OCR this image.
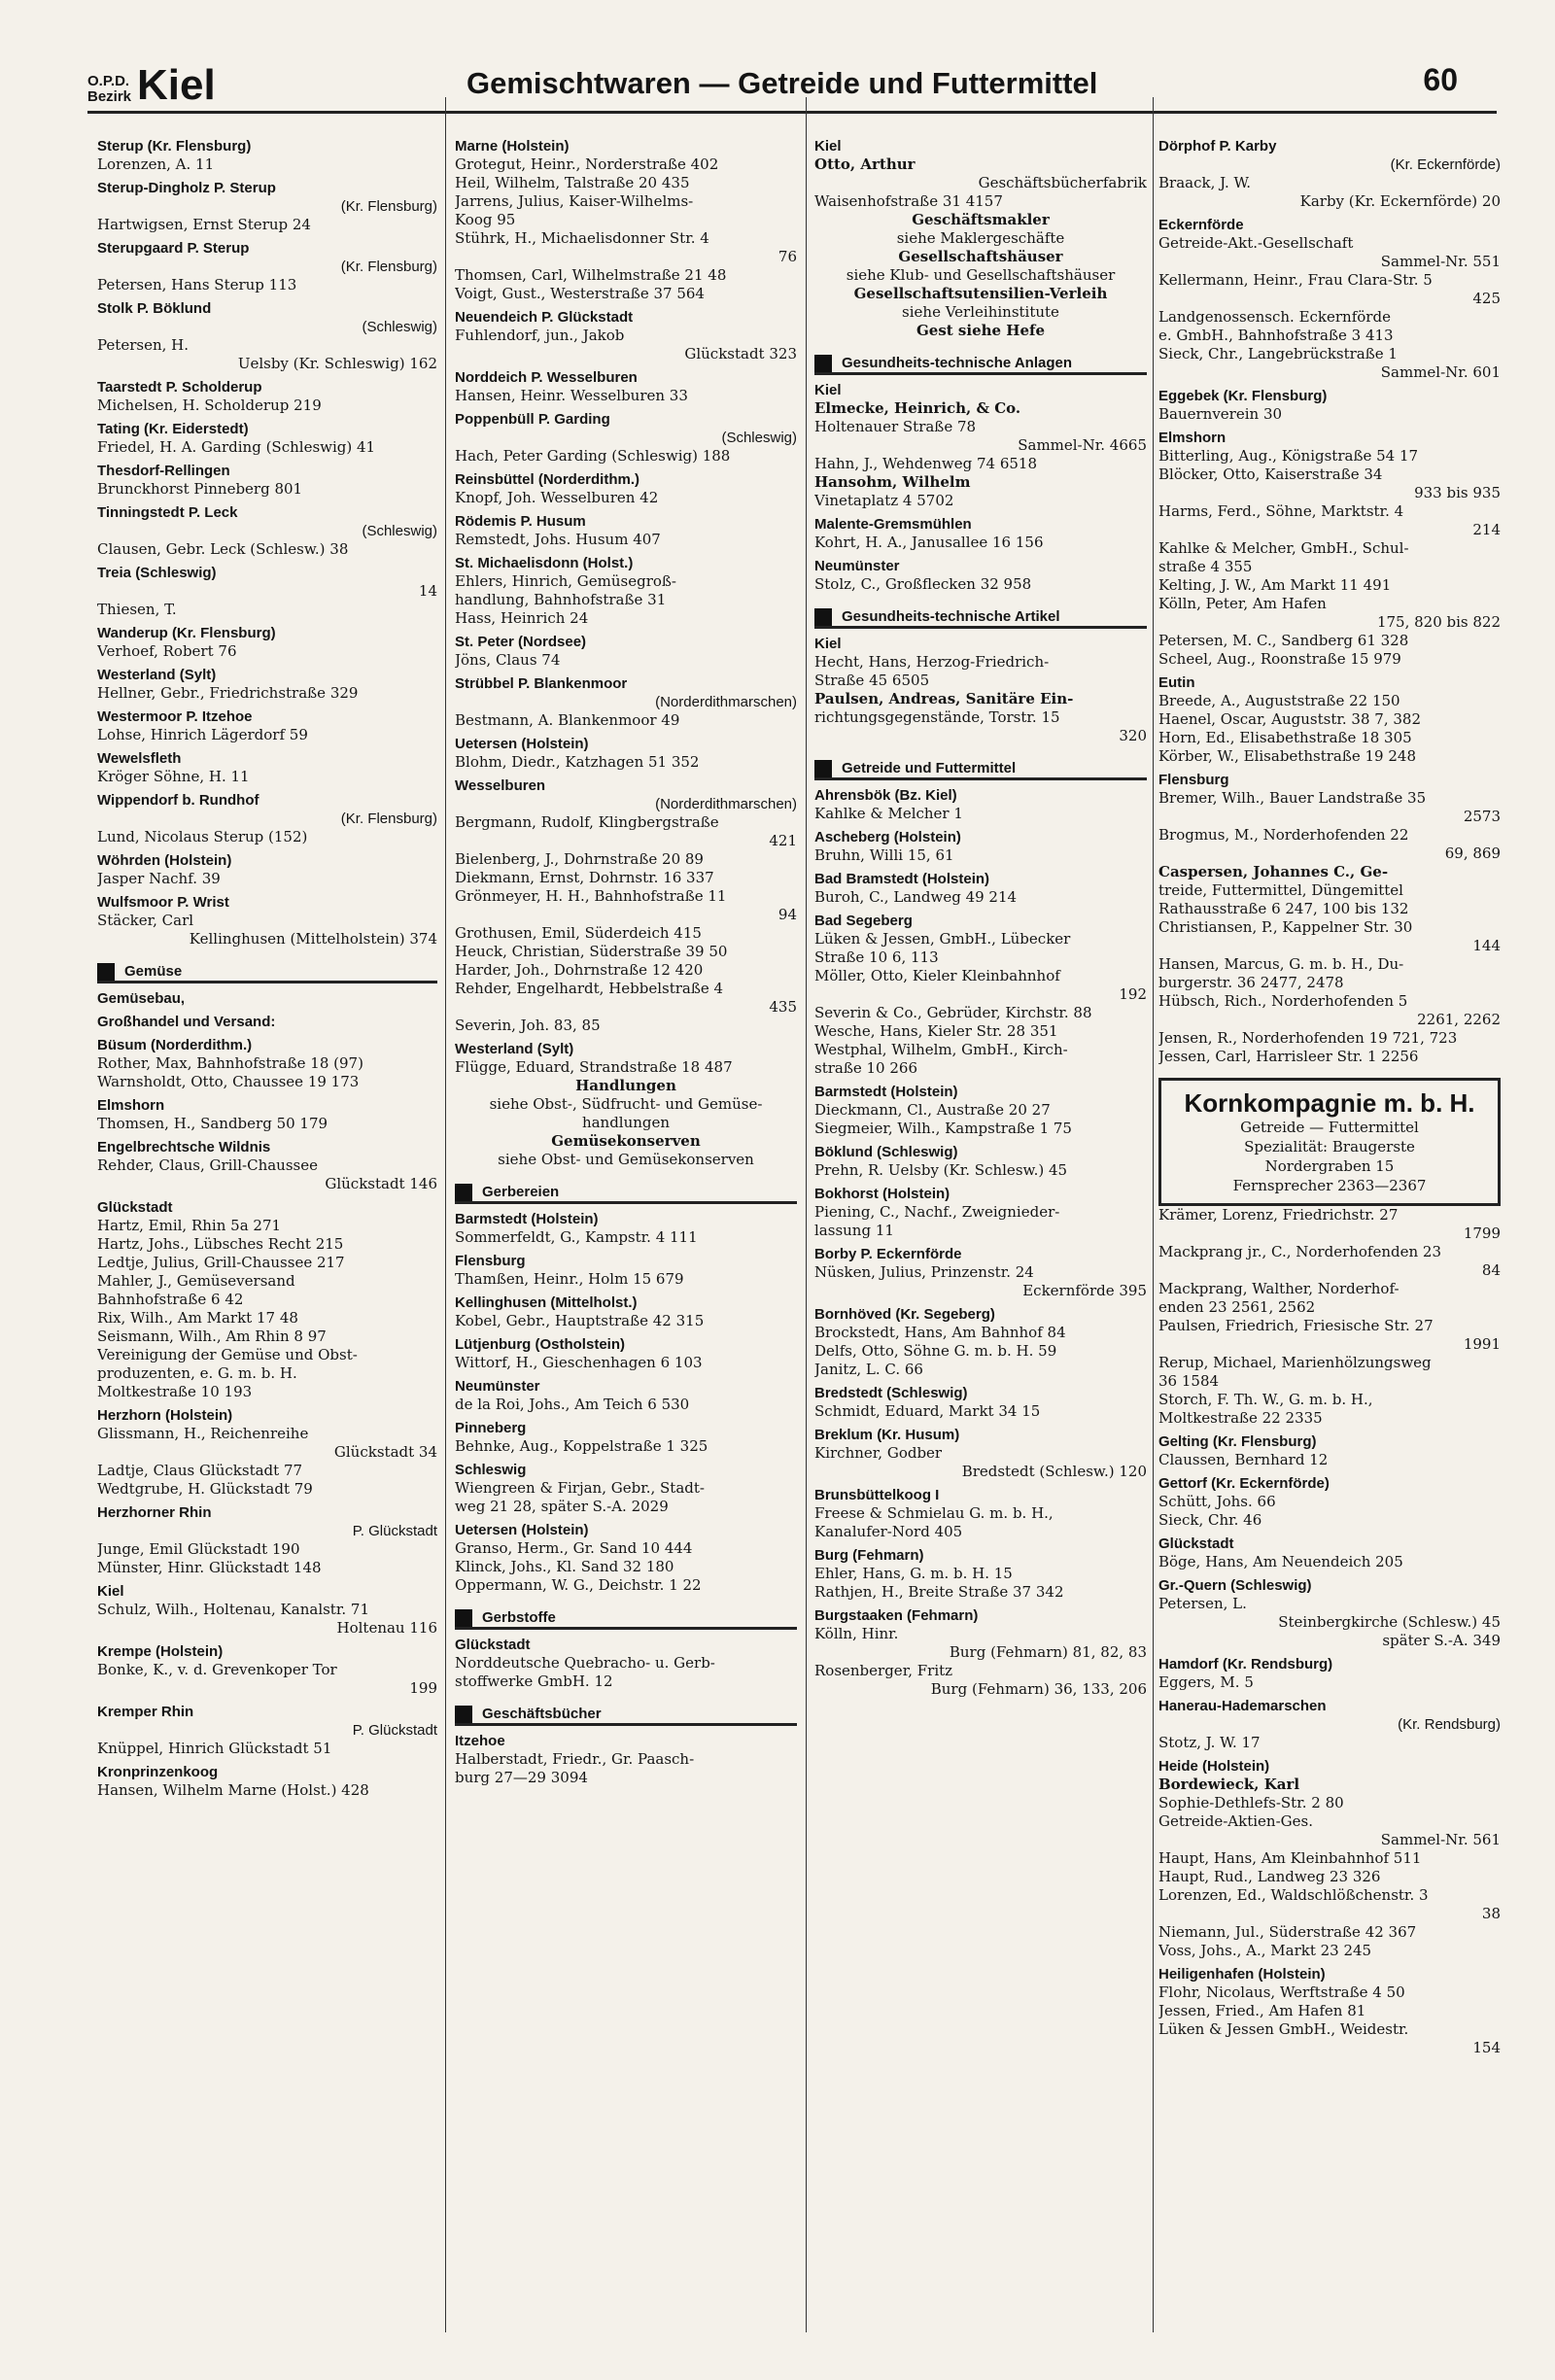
O.P.D.
Bezirk Kiel	Gemischtwaren — Getreide und Futtermittel	60
Sterup (Kr. Flensburg)
Lorenzen, A. 11
Sterup-Dingholz P. Sterup
(Kr. Flensburg)
Hartwigsen, Ernst Sterup 24
Sterupgaard P. Sterup
(Kr. Flensburg)
Petersen, Hans Sterup 113
Stolk P. Böklund
(Schleswig)
Petersen, H.
Uelsby (Kr. Schleswig) 162
Taarstedt P. Scholderup
Michelsen, H. Scholderup 219
Tating (Kr. Eiderstedt)
Friedel, H. A. Garding (Schleswig) 41
Thesdorf-Rellingen
Brunckhorst Pinneberg 801
Tinningstedt P. Leck
(Schleswig)
Clausen, Gebr. Leck (Schlesw.) 38
Treia (Schleswig)
14
Thiesen, T.
Wanderup (Kr. Flensburg)
Verhoef, Robert 76
Westerland (Sylt)
Hellner, Gebr., Friedrichstraße 329
Westermoor P. Itzehoe
Lohse, Hinrich Lägerdorf 59
Wewelsfleth
Kröger Söhne, H. 11
Wippendorf b. Rundhof
(Kr. Flensburg)
Lund, Nicolaus Sterup (152)
Wöhrden (Holstein)
Jasper Nachf. 39
Wulfsmoor P. Wrist
Stäcker, Carl
Kellinghusen (Mittelholstein) 374
Gemüse
Gemüsebau,
Großhandel und Versand:
Büsum (Norderdithm.)
Rother, Max, Bahnhofstraße 18 (97)
Warnsholdt, Otto, Chaussee 19 173
Elmshorn
Thomsen, H., Sandberg 50 179
Engelbrechtsche Wildnis
Rehder, Claus, Grill-Chaussee
Glückstadt 146
Glückstadt
Hartz, Emil, Rhin 5a 271
Hartz, Johs., Lübsches Recht 215
Ledtje, Julius, Grill-Chaussee 217
Mahler, J., Gemüseversand
Bahnhofstraße 6 42
Rix, Wilh., Am Markt 17 48
Seismann, Wilh., Am Rhin 8 97
Vereinigung der Gemüse und Obst-
produzenten, e. G. m. b. H.
Moltkestraße 10 193
Herzhorn (Holstein)
Glissmann, H., Reichenreihe
Glückstadt 34
Ladtje, Claus Glückstadt 77
Wedtgrube, H. Glückstadt 79
Herzhorner Rhin
P. Glückstadt
Junge, Emil Glückstadt 190
Münster, Hinr. Glückstadt 148
Kiel
Schulz, Wilh., Holtenau, Kanalstr. 71
Holtenau 116
Krempe (Holstein)
Bonke, K., v. d. Grevenkoper Tor
199
Kremper Rhin
P. Glückstadt
Knüppel, Hinrich Glückstadt 51
Kronprinzenkoog
Hansen, Wilhelm Marne (Holst.) 428
Marne (Holstein)
Grotegut, Heinr., Norderstraße 402
Heil, Wilhelm, Talstraße 20 435
Jarrens, Julius, Kaiser-Wilhelms-
Koog 95
Stührk, H., Michaelisdonner Str. 4
76
Thomsen, Carl, Wilhelmstraße 21 48
Voigt, Gust., Westerstraße 37 564
Neuendeich P. Glückstadt
Fuhlendorf, jun., Jakob
Glückstadt 323
Norddeich P. Wesselburen
Hansen, Heinr. Wesselburen 33
Poppenbüll P. Garding
(Schleswig)
Hach, Peter Garding (Schleswig) 188
Reinsbüttel (Norderdithm.)
Knopf, Joh. Wesselburen 42
Rödemis P. Husum
Remstedt, Johs. Husum 407
St. Michaelisdonn (Holst.)
Ehlers, Hinrich, Gemüsegroß-
handlung, Bahnhofstraße 31
Hass, Heinrich 24
St. Peter (Nordsee)
Jöns, Claus 74
Strübbel P. Blankenmoor
(Norderdithmarschen)
Bestmann, A. Blankenmoor 49
Uetersen (Holstein)
Blohm, Diedr., Katzhagen 51 352
Wesselburen
(Norderdithmarschen)
Bergmann, Rudolf, Klingbergstraße
421
Bielenberg, J., Dohrnstraße 20 89
Diekmann, Ernst, Dohrnstr. 16 337
Grönmeyer, H. H., Bahnhofstraße 11
94
Grothusen, Emil, Süderdeich 415
Heuck, Christian, Süderstraße 39 50
Harder, Joh., Dohrnstraße 12 420
Rehder, Engelhardt, Hebbelstraße 4
435
Severin, Joh. 83, 85
Westerland (Sylt)
Flügge, Eduard, Strandstraße 18 487
Handlungen
siehe Obst-, Südfrucht- und Gemüse-
handlungen
Gemüsekonserven
siehe Obst- und Gemüsekonserven
Gerbereien
Barmstedt (Holstein)
Sommerfeldt, G., Kampstr. 4 111
Flensburg
Thamßen, Heinr., Holm 15 679
Kellinghusen (Mittelholst.)
Kobel, Gebr., Hauptstraße 42 315
Lütjenburg (Ostholstein)
Wittorf, H., Gieschenhagen 6 103
Neumünster
de la Roi, Johs., Am Teich 6 530
Pinneberg
Behnke, Aug., Koppelstraße 1 325
Schleswig
Wiengreen & Firjan, Gebr., Stadt-
weg 21 28, später S.-A. 2029
Uetersen (Holstein)
Granso, Herm., Gr. Sand 10 444
Klinck, Johs., Kl. Sand 32 180
Oppermann, W. G., Deichstr. 1 22
Gerbstoffe
Glückstadt
Norddeutsche Quebracho- u. Gerb-
stoffwerke GmbH. 12
Geschäftsbücher
Itzehoe
Halberstadt, Friedr., Gr. Paasch-
burg 27—29 3094
Kiel
Otto, Arthur
Geschäftsbücherfabrik
Waisenhofstraße 31 4157
Geschäftsmakler
siehe Maklergeschäfte
Gesellschaftshäuser
siehe Klub- und Gesellschaftshäuser
Gesellschaftsutensilien-Verleih
siehe Verleihinstitute
Gest siehe Hefe
Gesundheits-technische Anlagen
Kiel
Elmecke, Heinrich, & Co.
Holtenauer Straße 78
Sammel-Nr. 4665
Hahn, J., Wehdenweg 74 6518
Hansohm, Wilhelm
Vinetaplatz 4 5702
Malente-Gremsmühlen
Kohrt, H. A., Janusallee 16 156
Neumünster
Stolz, C., Großflecken 32 958
Gesundheits-technische Artikel
Kiel
Hecht, Hans, Herzog-Friedrich-
Straße 45 6505
Paulsen, Andreas, Sanitäre Ein-
richtungsgegenstände, Torstr. 15
320
Getreide und Futtermittel
Ahrensbök (Bz. Kiel)
Kahlke & Melcher 1
Ascheberg (Holstein)
Bruhn, Willi 15, 61
Bad Bramstedt (Holstein)
Buroh, C., Landweg 49 214
Bad Segeberg
Lüken & Jessen, GmbH., Lübecker
Straße 10 6, 113
Möller, Otto, Kieler Kleinbahnhof
192
Severin & Co., Gebrüder, Kirchstr. 88
Wesche, Hans, Kieler Str. 28 351
Westphal, Wilhelm, GmbH., Kirch-
straße 10 266
Barmstedt (Holstein)
Dieckmann, Cl., Austraße 20 27
Siegmeier, Wilh., Kampstraße 1 75
Böklund (Schleswig)
Prehn, R. Uelsby (Kr. Schlesw.) 45
Bokhorst (Holstein)
Piening, C., Nachf., Zweignieder-
lassung 11
Borby P. Eckernförde
Nüsken, Julius, Prinzenstr. 24
Eckernförde 395
Bornhöved (Kr. Segeberg)
Brockstedt, Hans, Am Bahnhof 84
Delfs, Otto, Söhne G. m. b. H. 59
Janitz, L. C. 66
Bredstedt (Schleswig)
Schmidt, Eduard, Markt 34 15
Breklum (Kr. Husum)
Kirchner, Godber
Bredstedt (Schlesw.) 120
Brunsbüttelkoog I
Freese & Schmielau G. m. b. H.,
Kanalufer-Nord 405
Burg (Fehmarn)
Ehler, Hans, G. m. b. H. 15
Rathjen, H., Breite Straße 37 342
Burgstaaken (Fehmarn)
Kölln, Hinr.
Burg (Fehmarn) 81, 82, 83
Rosenberger, Fritz
Burg (Fehmarn) 36, 133, 206
Dörphof P. Karby
(Kr. Eckernförde)
Braack, J. W.
Karby (Kr. Eckernförde) 20
Eckernförde
Getreide-Akt.-Gesellschaft
Sammel-Nr. 551
Kellermann, Heinr., Frau Clara-Str. 5
425
Landgenossensch. Eckernförde
e. GmbH., Bahnhofstraße 3 413
Sieck, Chr., Langebrückstraße 1
Sammel-Nr. 601
Eggebek (Kr. Flensburg)
Bauernverein 30
Elmshorn
Bitterling, Aug., Königstraße 54 17
Blöcker, Otto, Kaiserstraße 34
933 bis 935
Harms, Ferd., Söhne, Marktstr. 4
214
Kahlke & Melcher, GmbH., Schul-
straße 4 355
Kelting, J. W., Am Markt 11 491
Kölln, Peter, Am Hafen
175, 820 bis 822
Petersen, M. C., Sandberg 61 328
Scheel, Aug., Roonstraße 15 979
Eutin
Breede, A., Auguststraße 22 150
Haenel, Oscar, Auguststr. 38 7, 382
Horn, Ed., Elisabethstraße 18 305
Körber, W., Elisabethstraße 19 248
Flensburg
Bremer, Wilh., Bauer Landstraße 35
2573
Brogmus, M., Norderhofenden 22
69, 869
Caspersen, Johannes C., Ge-
treide, Futtermittel, Düngemittel
Rathausstraße 6 247, 100 bis 132
Christiansen, P., Kappelner Str. 30
144
Hansen, Marcus, G. m. b. H., Du-
burgerstr. 36 2477, 2478
Hübsch, Rich., Norderhofenden 5
2261, 2262
Jensen, R., Norderhofenden 19 721, 723
Jessen, Carl, Harrisleer Str. 1 2256
Kornkompagnie m. b. H.
Getreide — Futtermittel
Spezialität: Braugerste
Nordergraben 15
Fernsprecher 2363—2367
Krämer, Lorenz, Friedrichstr. 27
1799
Mackprang jr., C., Norderhofenden 23
84
Mackprang, Walther, Norderhof-
enden 23 2561, 2562
Paulsen, Friedrich, Friesische Str. 27
1991
Rerup, Michael, Marienhölzungsweg
36 1584
Storch, F. Th. W., G. m. b. H.,
Moltkestraße 22 2335
Gelting (Kr. Flensburg)
Claussen, Bernhard 12
Gettorf (Kr. Eckernförde)
Schütt, Johs. 66
Sieck, Chr. 46
Glückstadt
Böge, Hans, Am Neuendeich 205
Gr.-Quern (Schleswig)
Petersen, L.
Steinbergkirche (Schlesw.) 45
später S.-A. 349
Hamdorf (Kr. Rendsburg)
Eggers, M. 5
Hanerau-Hademarschen
(Kr. Rendsburg)
Stotz, J. W. 17
Heide (Holstein)
Bordewieck, Karl
Sophie-Dethlefs-Str. 2 80
Getreide-Aktien-Ges.
Sammel-Nr. 561
Haupt, Hans, Am Kleinbahnhof 511
Haupt, Rud., Landweg 23 326
Lorenzen, Ed., Waldschlößchenstr. 3
38
Niemann, Jul., Süderstraße 42 367
Voss, Johs., A., Markt 23 245
Heiligenhafen (Holstein)
Flohr, Nicolaus, Werftstraße 4 50
Jessen, Fried., Am Hafen 81
Lüken & Jessen GmbH., Weidestr.
154
